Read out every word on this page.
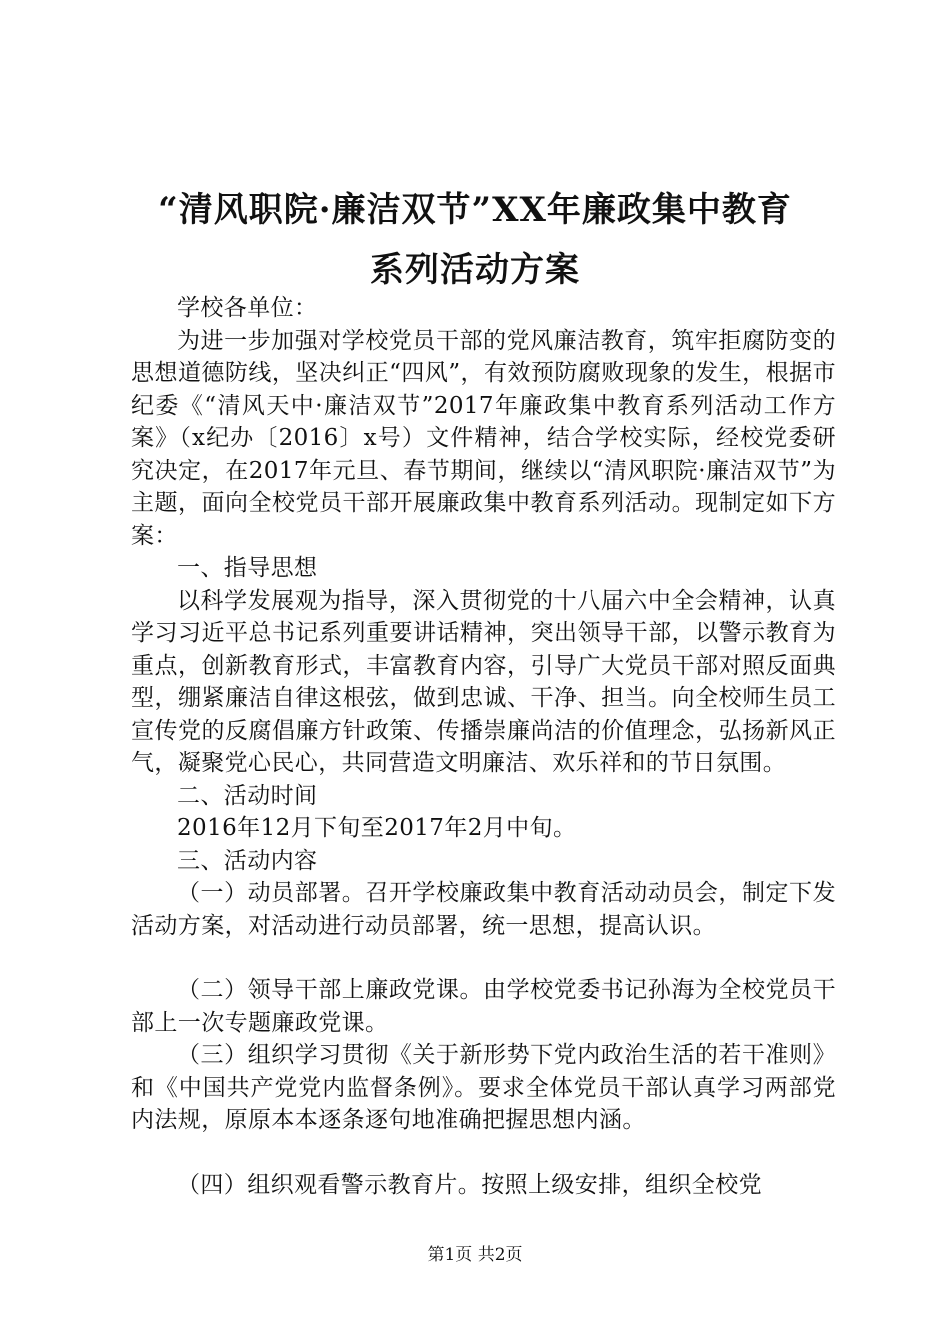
“清风职院·廉洁双节”XX年廉政集中教育
系列活动方案

学校各单位：

为进一步加强对学校党员干部的党风廉洁教育，筑牢拒腐防变的思想道德防线，坚决纠正“四风”，有效预防腐败现象的发生，根据市纪委《“清风天中·廉洁双节”2017年廉政集中教育系列活动工作方案》（x纪办〔2016〕x号）文件精神，结合学校实际，经校党委研究决定，在2017年元旦、春节期间，继续以“清风职院·廉洁双节”为主题，面向全校党员干部开展廉政集中教育系列活动。现制定如下方案：

一、指导思想

以科学发展观为指导，深入贯彻党的十八届六中全会精神，认真学习习近平总书记系列重要讲话精神，突出领导干部，以警示教育为重点，创新教育形式，丰富教育内容，引导广大党员干部对照反面典型，绷紧廉洁自律这根弦，做到忠诚、干净、担当。向全校师生员工宣传党的反腐倡廉方针政策、传播崇廉尚洁的价值理念，弘扬新风正气，凝聚党心民心，共同营造文明廉洁、欢乐祥和的节日氛围。

二、活动时间

2016年12月下旬至2017年2月中旬。

三、活动内容

（一）动员部署。召开学校廉政集中教育活动动员会，制定下发活动方案，对活动进行动员部署，统一思想，提高认识。

（二）领导干部上廉政党课。由学校党委书记孙海为全校党员干部上一次专题廉政党课。

（三）组织学习贯彻《关于新形势下党内政治生活的若干准则》和《中国共产党党内监督条例》。要求全体党员干部认真学习两部党内法规，原原本本逐条逐句地准确把握思想内涵。

（四）组织观看警示教育片。按照上级安排，组织全校党

第1页 共2页
